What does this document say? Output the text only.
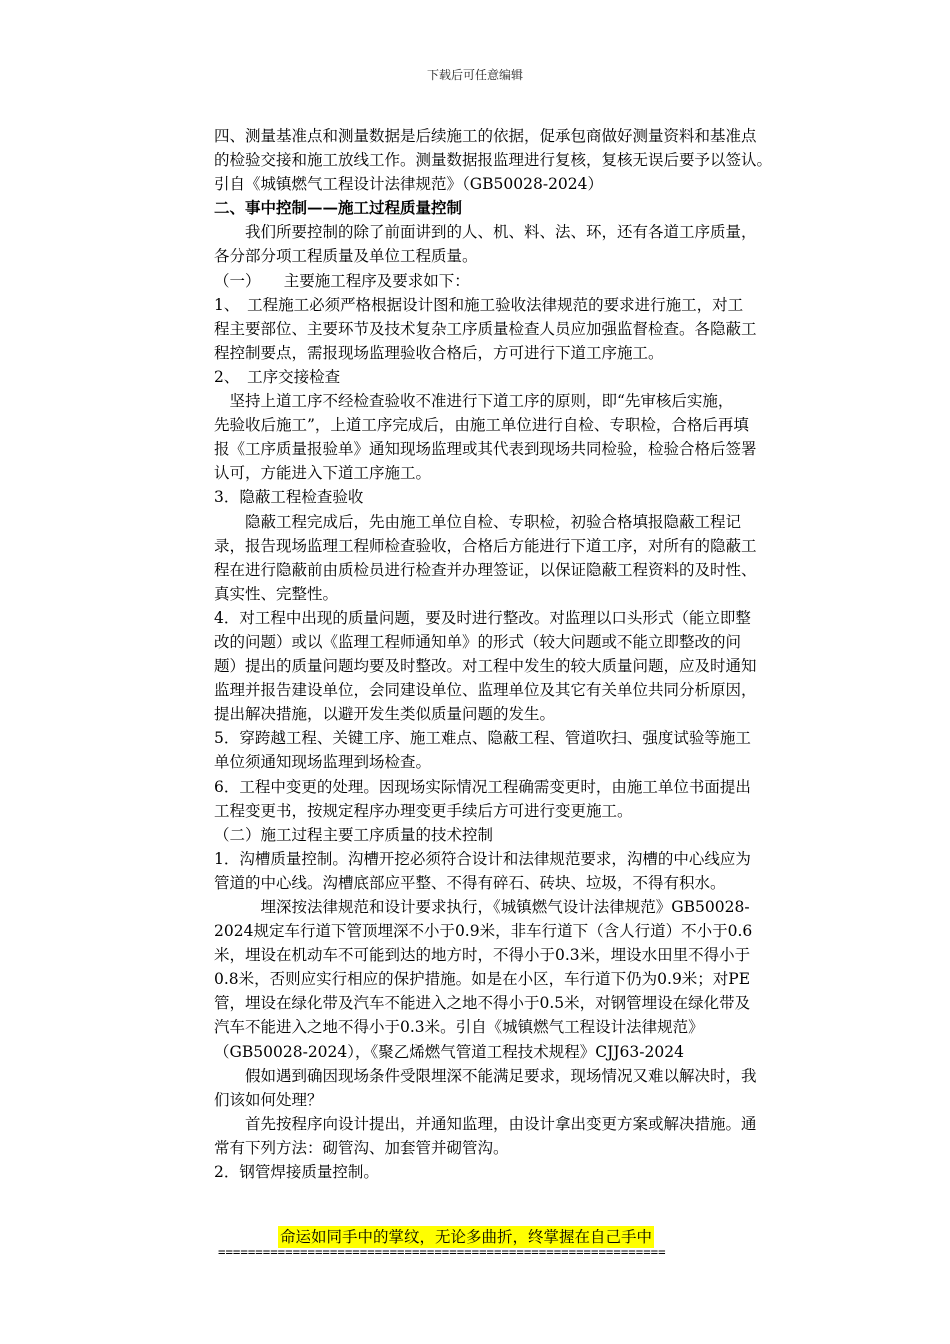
下载后可任意编辑
四、测量基准点和测量数据是后续施工的依据，促承包商做好测量资料和基准点
的检验交接和施工放线工作。测量数据报监理进行复核，复核无误后要予以签认。
引自《城镇燃气工程设计法律规范》（GB50028-2024）
二、事中控制——施工过程质量控制
　　我们所要控制的除了前面讲到的人、机、料、法、环，还有各道工序质量，
各分部分项工程质量及单位工程质量。
（一）　　主要施工程序及要求如下：
1、　工程施工必须严格根据设计图和施工验收法律规范的要求进行施工，对工
程主要部位、主要环节及技术复杂工序质量检查人员应加强监督检查。各隐蔽工
程控制要点，需报现场监理验收合格后，方可进行下道工序施工。
2、　工序交接检查
　坚持上道工序不经检查验收不准进行下道工序的原则，即“先审核后实施，
先验收后施工”，上道工序完成后，由施工单位进行自检、专职检，合格后再填
报《工序质量报验单》通知现场监理或其代表到现场共同检验，检验合格后签署
认可，方能进入下道工序施工。
3．隐蔽工程检查验收
　　隐蔽工程完成后，先由施工单位自检、专职检，初验合格填报隐蔽工程记
录，报告现场监理工程师检查验收，合格后方能进行下道工序，对所有的隐蔽工
程在进行隐蔽前由质检员进行检查并办理签证，以保证隐蔽工程资料的及时性、
真实性、完整性。
4．对工程中出现的质量问题，要及时进行整改。对监理以口头形式（能立即整
改的问题）或以《监理工程师通知单》的形式（较大问题或不能立即整改的问
题）提出的质量问题均要及时整改。对工程中发生的较大质量问题，应及时通知
监理并报告建设单位，会同建设单位、监理单位及其它有关单位共同分析原因，
提出解决措施，以避开发生类似质量问题的发生。
5．穿跨越工程、关键工序、施工难点、隐蔽工程、管道吹扫、强度试验等施工
单位须通知现场监理到场检查。
6．工程中变更的处理。因现场实际情况工程确需变更时，由施工单位书面提出
工程变更书，按规定程序办理变更手续后方可进行变更施工。
（二）施工过程主要工序质量的技术控制
1．沟槽质量控制。沟槽开挖必须符合设计和法律规范要求，沟槽的中心线应为
管道的中心线。沟槽底部应平整、不得有碎石、砖块、垃圾，不得有积水。
　　　埋深按法律规范和设计要求执行，《城镇燃气设计法律规范》GB50028-
2024规定车行道下管顶埋深不小于0.9米，非车行道下（含人行道）不小于0.6
米，埋设在机动车不可能到达的地方时，不得小于0.3米，埋设水田里不得小于
0.8米，否则应实行相应的保护措施。如是在小区，车行道下仍为0.9米；对PE
管，埋设在绿化带及汽车不能进入之地不得小于0.5米，对钢管埋设在绿化带及
汽车不能进入之地不得小于0.3米。引自《城镇燃气工程设计法律规范》
（GB50028-2024），《聚乙烯燃气管道工程技术规程》CJJ63-2024
　　假如遇到确因现场条件受限埋深不能满足要求，现场情况又难以解决时，我
们该如何处理？
　　首先按程序向设计提出，并通知监理，由设计拿出变更方案或解决措施。通
常有下列方法：砌管沟、加套管并砌管沟。
2．钢管焊接质量控制。
命运如同手中的掌纹，无论多曲折，终掌握在自己手中
============================================================
